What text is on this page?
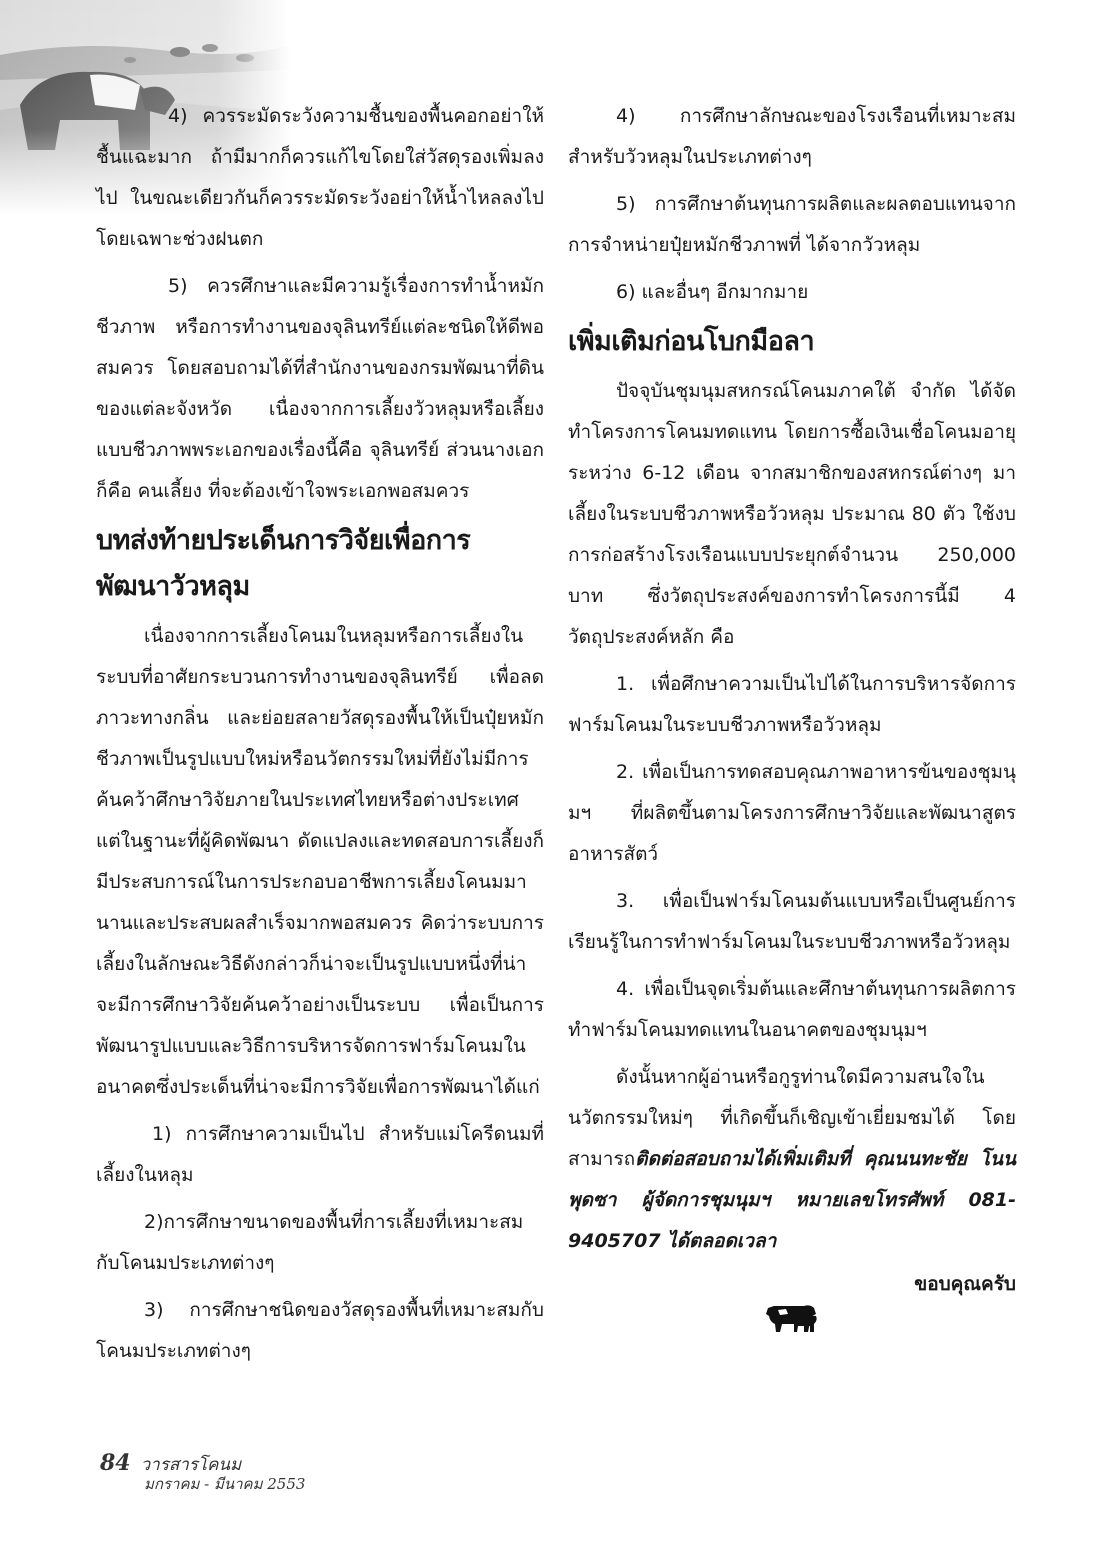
4) ควรระมัดระวังความชื้นของพื้นคอกอย่าให้ชื้นแฉะมาก ถ้ามีมากก็ควรแก้ไขโดยใส่วัสดุรองเพิ่มลงไป ในขณะเดียวกันก็ควรระมัดระวังอย่าให้น้ำไหลลงไป โดยเฉพาะช่วงฝนตก

5) ควรศึกษาและมีความรู้เรื่องการทำน้ำหมักชีวภาพ หรือการทำงานของจุลินทรีย์แต่ละชนิดให้ดีพอสมควร โดยสอบถามได้ที่สำนักงานของกรมพัฒนาที่ดินของแต่ละจังหวัด เนื่องจากการเลี้ยงวัวหลุมหรือเลี้ยงแบบชีวภาพพระเอกของเรื่องนี้คือ จุลินทรีย์ ส่วนนางเอกก็คือ คนเลี้ยง ที่จะต้องเข้าใจพระเอกพอสมควร

บทส่งท้ายประเด็นการวิจัยเพื่อการพัฒนาวัวหลุม

เนื่องจากการเลี้ยงโคนมในหลุมหรือการเลี้ยงในระบบที่อาศัยกระบวนการทำงานของจุลินทรีย์ เพื่อลดภาวะทางกลิ่น และย่อยสลายวัสดุรองพื้นให้เป็นปุ๋ยหมักชีวภาพเป็นรูปแบบใหม่หรือนวัตกรรมใหม่ที่ยังไม่มีการค้นคว้าศึกษาวิจัยภายในประเทศไทยหรือต่างประเทศ แต่ในฐานะที่ผู้คิดพัฒนา ดัดแปลงและทดสอบการเลี้ยงก็มีประสบการณ์ในการประกอบอาชีพการเลี้ยงโคนมมานานและประสบผลสำเร็จมากพอสมควร คิดว่าระบบการเลี้ยงในลักษณะวิธีดังกล่าวก็น่าจะเป็นรูปแบบหนึ่งที่น่าจะมีการศึกษาวิจัยค้นคว้าอย่างเป็นระบบ เพื่อเป็นการพัฒนารูปแบบและวิธีการบริหารจัดการฟาร์มโคนมในอนาคตซึ่งประเด็นที่น่าจะมีการวิจัยเพื่อการพัฒนาได้แก่

1) การศึกษาความเป็นไป สำหรับแม่โครีดนมที่เลี้ยงในหลุม

2)การศึกษาขนาดของพื้นที่การเลี้ยงที่เหมาะสมกับโคนมประเภทต่างๆ

3) การศึกษาชนิดของวัสดุรองพื้นที่เหมาะสมกับโคนมประเภทต่างๆ

4) การศึกษาลักษณะของโรงเรือนที่เหมาะสมสำหรับวัวหลุมในประเภทต่างๆ

5) การศึกษาต้นทุนการผลิตและผลตอบแทนจากการจำหน่ายปุ๋ยหมักชีวภาพที่ ได้จากวัวหลุม

6) และอื่นๆ อีกมากมาย

เพิ่มเติมก่อนโบกมือลา

ปัจจุบันชุมนุมสหกรณ์โคนมภาคใต้ จำกัด ได้จัดทำโครงการโคนมทดแทน โดยการซื้อเงินเชื่อโคนมอายุระหว่าง 6-12 เดือน จากสมาชิกของสหกรณ์ต่างๆ มาเลี้ยงในระบบชีวภาพหรือวัวหลุม ประมาณ 80 ตัว ใช้งบการก่อสร้างโรงเรือนแบบประยุกต์จำนวน 250,000 บาท ซึ่งวัตถุประสงค์ของการทำโครงการนี้มี 4 วัตถุประสงค์หลัก คือ

1. เพื่อศึกษาความเป็นไปได้ในการบริหารจัดการฟาร์มโคนมในระบบชีวภาพหรือวัวหลุม

2. เพื่อเป็นการทดสอบคุณภาพอาหารข้นของชุมนุมฯ ที่ผลิตขึ้นตามโครงการศึกษาวิจัยและพัฒนาสูตรอาหารสัตว์

3. เพื่อเป็นฟาร์มโคนมต้นแบบหรือเป็นศูนย์การเรียนรู้ในการทำฟาร์มโคนมในระบบชีวภาพหรือวัวหลุม

4. เพื่อเป็นจุดเริ่มต้นและศึกษาต้นทุนการผลิตการทำฟาร์มโคนมทดแทนในอนาคตของชุมนุมฯ

ดังนั้นหากผู้อ่านหรือกูรูท่านใดมีความสนใจในนวัตกรรมใหม่ๆ ที่เกิดขึ้นก็เชิญเข้าเยี่ยมชมได้ โดยสามารถติดต่อสอบถามได้เพิ่มเติมที่ คุณนนทะชัย โนนพุดซา ผู้จัดการชุมนุมฯ หมายเลขโทรศัพท์ 081-9405707 ได้ตลอดเวลา

ขอบคุณครับ
84 วารสารโคนม
มกราคม - มีนาคม 2553
